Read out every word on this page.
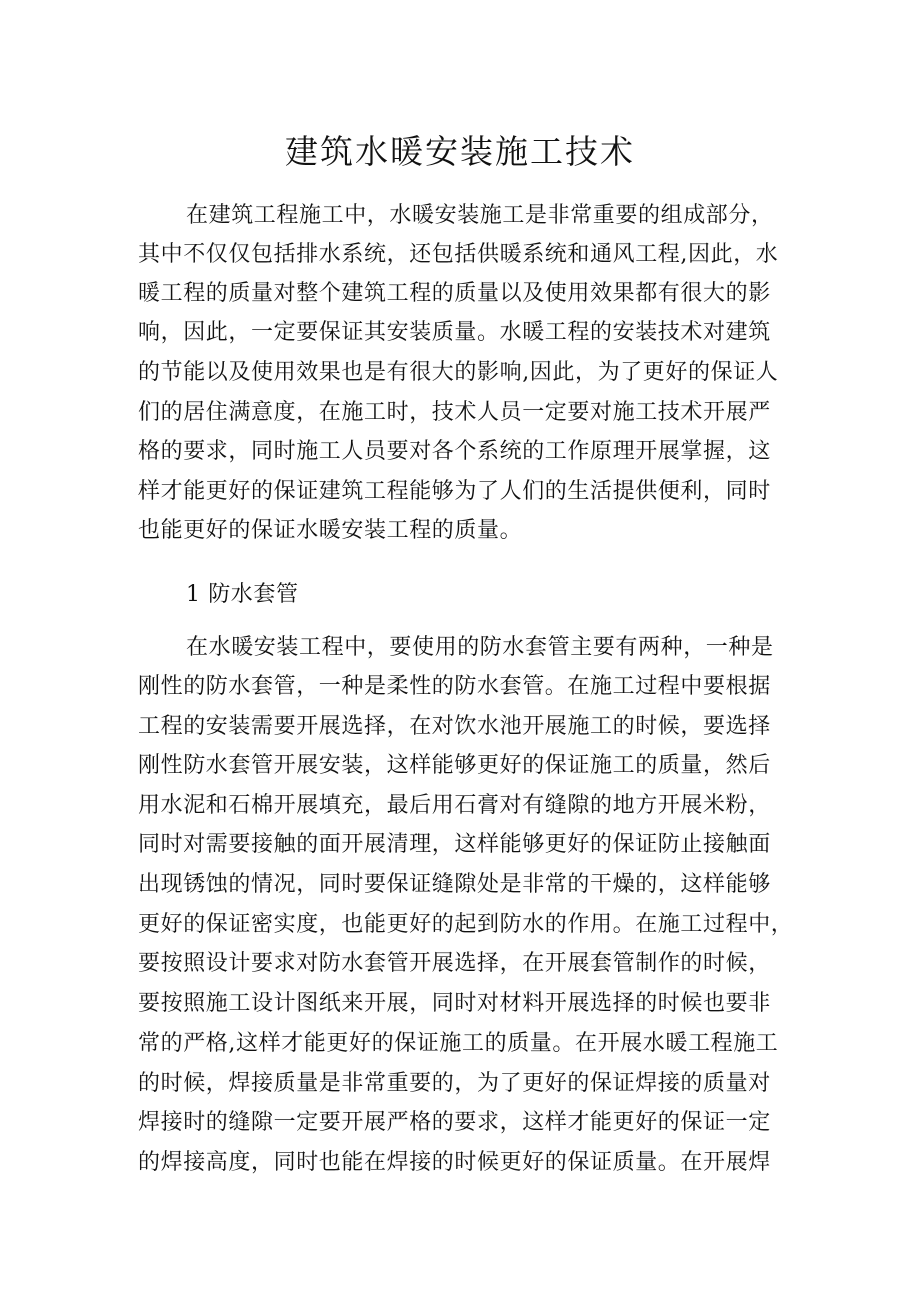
建筑水暖安装施工技术
在建筑工程施工中，水暖安装施工是非常重要的组成部分，
其中不仅仅包括排水系统，还包括供暖系统和通风工程,因此，水
暖工程的质量对整个建筑工程的质量以及使用效果都有很大的影
响，因此，一定要保证其安装质量。水暖工程的安装技术对建筑
的节能以及使用效果也是有很大的影响,因此，为了更好的保证人
们的居住满意度，在施工时，技术人员一定要对施工技术开展严
格的要求，同时施工人员要对各个系统的工作原理开展掌握，这
样才能更好的保证建筑工程能够为了人们的生活提供便利，同时
也能更好的保证水暖安装工程的质量。
1 防水套管
在水暖安装工程中，要使用的防水套管主要有两种，一种是
刚性的防水套管，一种是柔性的防水套管。在施工过程中要根据
工程的安装需要开展选择，在对饮水池开展施工的时候，要选择
刚性防水套管开展安装，这样能够更好的保证施工的质量，然后
用水泥和石棉开展填充，最后用石膏对有缝隙的地方开展米粉，
同时对需要接触的面开展清理，这样能够更好的保证防止接触面
出现锈蚀的情况，同时要保证缝隙处是非常的干燥的，这样能够
更好的保证密实度，也能更好的起到防水的作用。在施工过程中，
要按照设计要求对防水套管开展选择，在开展套管制作的时候，
要按照施工设计图纸来开展，同时对材料开展选择的时候也要非
常的严格,这样才能更好的保证施工的质量。在开展水暖工程施工
的时候，焊接质量是非常重要的，为了更好的保证焊接的质量对
焊接时的缝隙一定要开展严格的要求，这样才能更好的保证一定
的焊接高度，同时也能在焊接的时候更好的保证质量。在开展焊
